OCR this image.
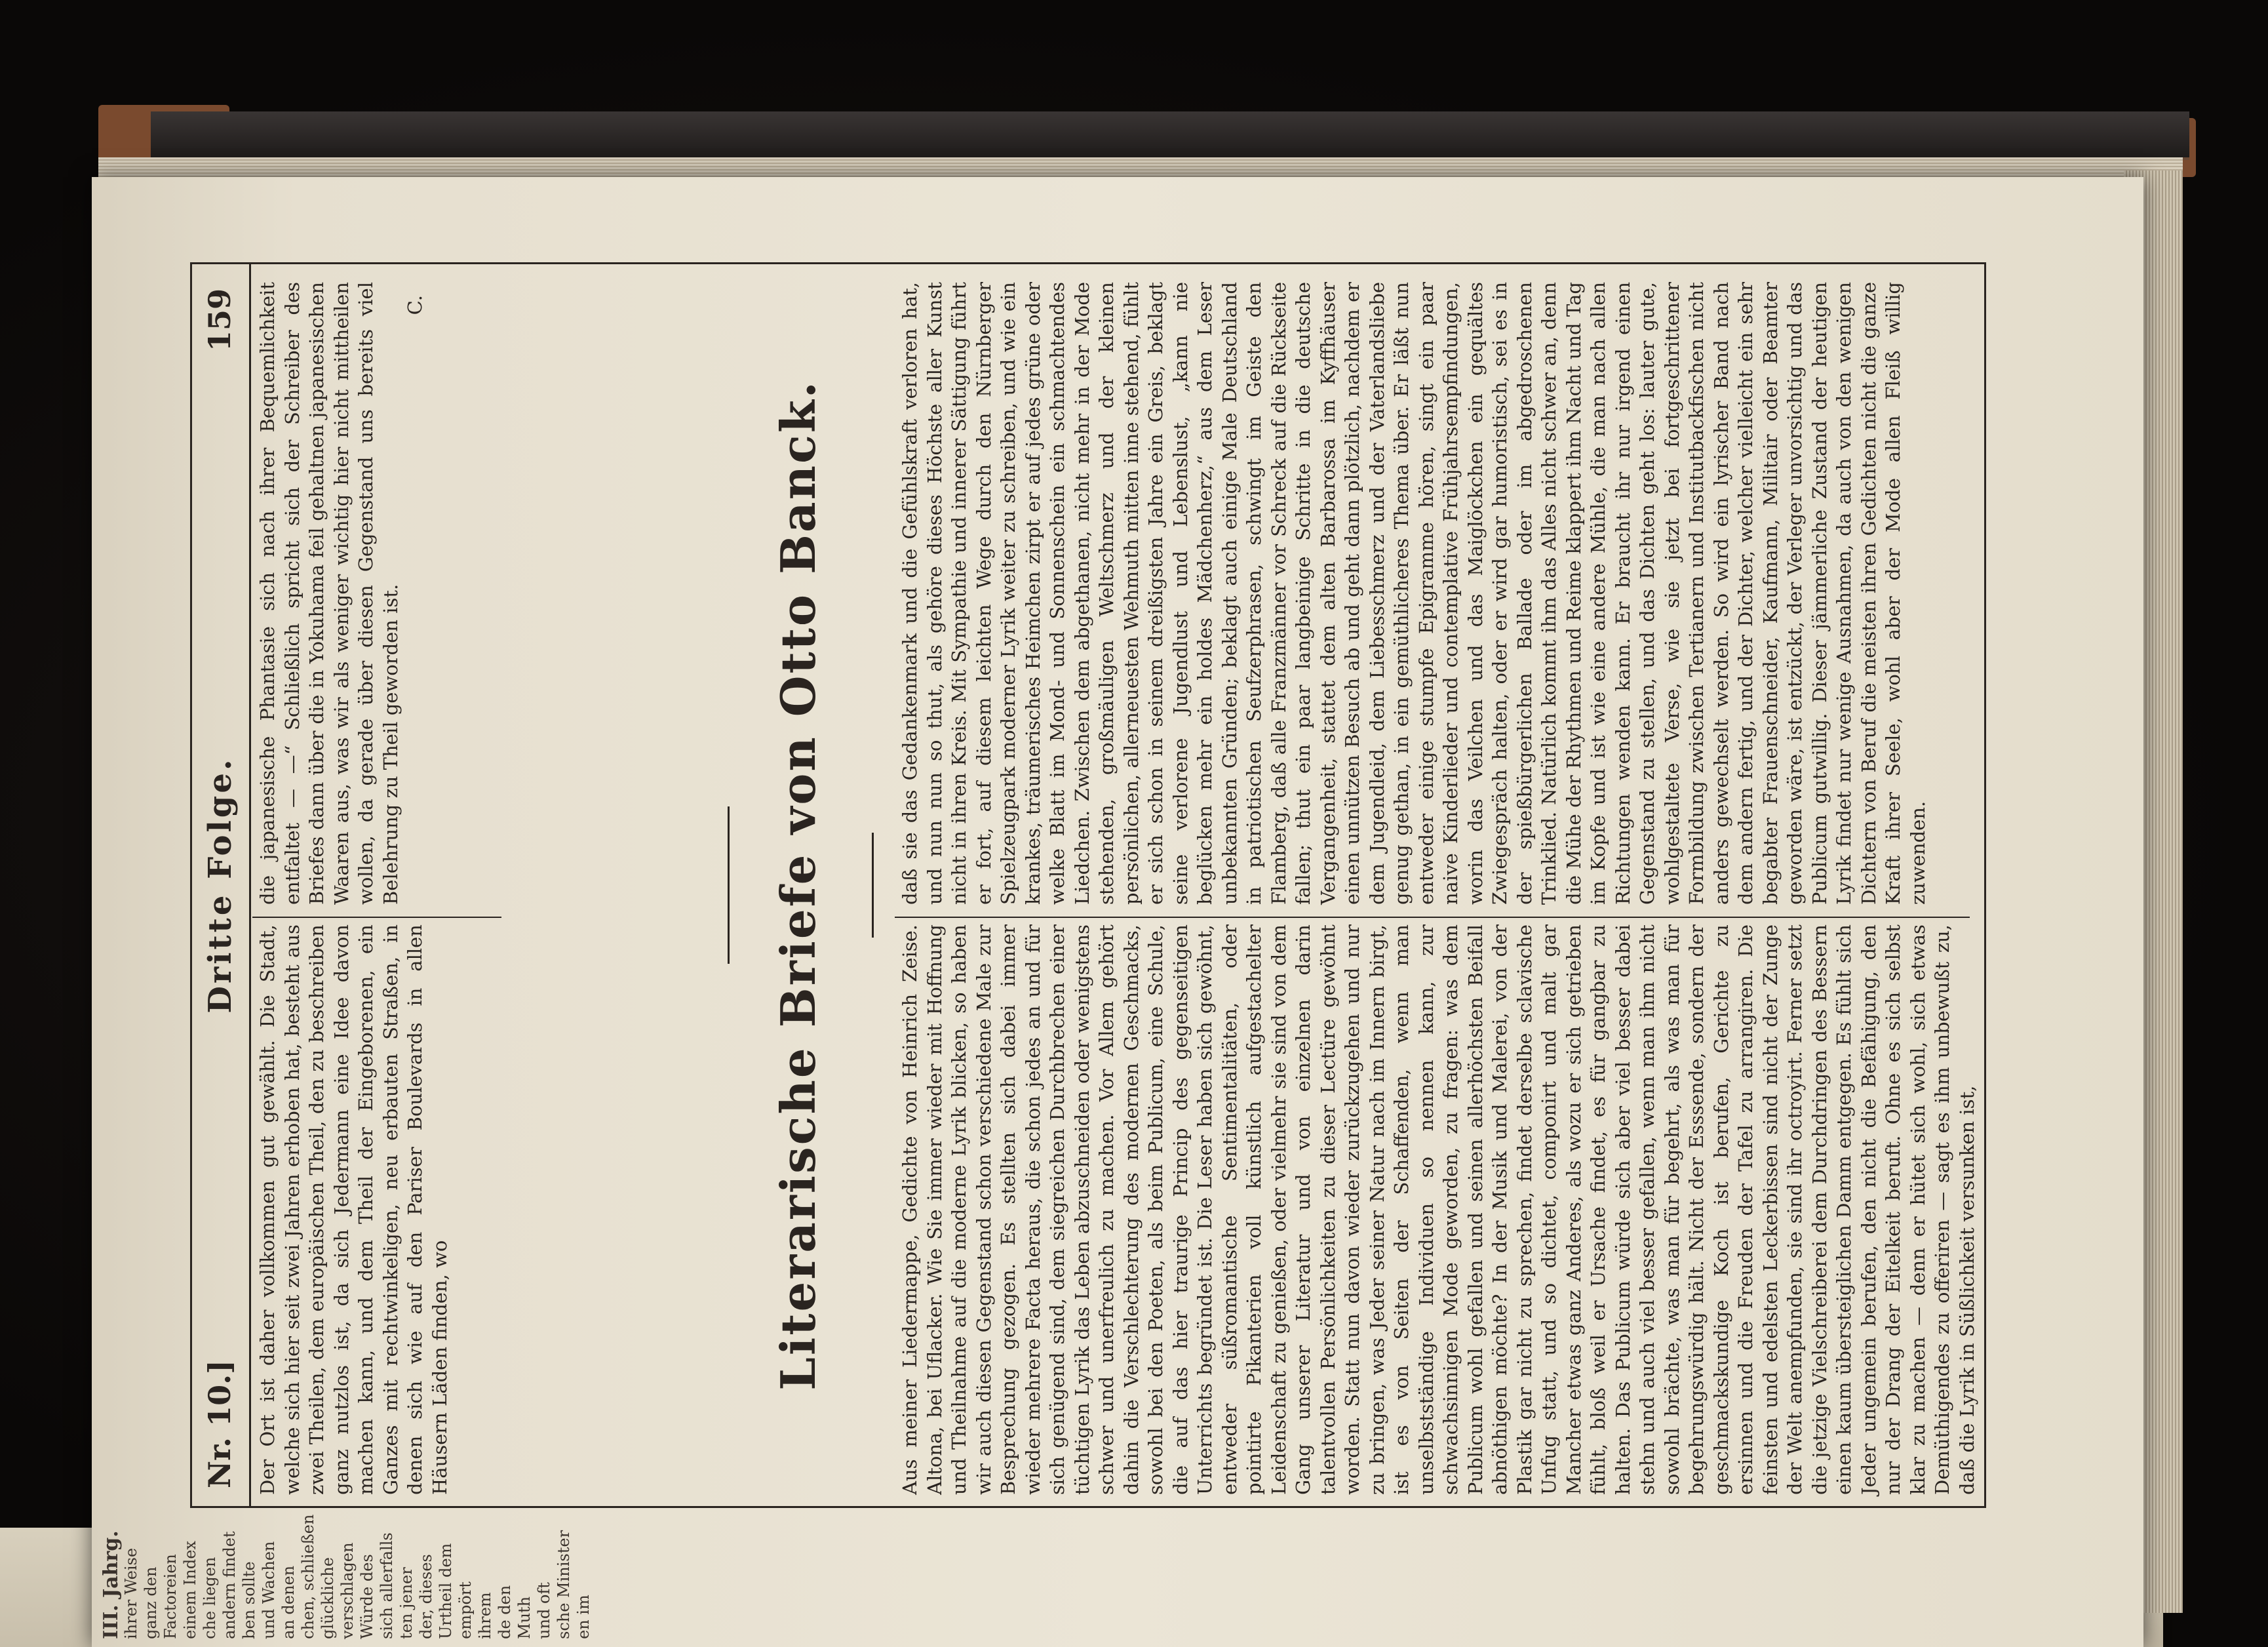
III. Jahrg. ihrer Weise ganz den Factoreien einem Index che liegen andern findet ben sollte und Wachen an denen chen, schließen glückliche verschlagen Würde des sich allerfalls ten jener der, dieses Urtheil dem empört ihrem de den Muth und oft sche Minister en im
Nr. 10.]
Dritte Folge.
159
Der Ort ist daher vollkommen gut gewählt. Die Stadt, welche sich hier seit zwei Jahren erhoben hat, besteht aus zwei Theilen, dem europäischen Theil, den zu beschreiben ganz nutzlos ist, da sich Jedermann eine Idee davon machen kann, und dem Theil der Eingeborenen, ein Ganzes mit rechtwinkeligen, neu erbauten Straßen, in denen sich wie auf den Pariser Boulevards in allen Häusern Läden finden, wo
die japanesische Phantasie sich nach ihrer Bequemlichkeit entfaltet — —“ Schließlich spricht sich der Schreiber des Briefes dann über die in Yokuhama feil gehaltnen japanesischen Waaren aus, was wir als weniger wichtig hier nicht mittheilen wollen, da gerade über diesen Gegenstand uns bereits viel Belehrung zu Theil geworden ist.
C.
Literarische Briefe von Otto Banck.	Aus meiner Liedermappe, Gedichte von Heinrich Zeise. Altona, bei Uflacker. Wie Sie immer wieder mit Hoffnung und Theilnahme auf die moderne Lyrik blicken, so haben wir auch diesen Gegenstand schon verschiedene Male zur Besprechung gezogen. Es stellten sich dabei immer wieder mehrere Facta heraus, die schon jedes an und für sich genügend sind, dem siegreichen Durchbrechen einer tüchtigen Lyrik das Leben abzuschneiden oder wenigstens schwer und unerfreulich zu machen. Vor Allem gehört dahin die Verschlechterung des modernen Geschmacks, sowohl bei den Poeten, als beim Publicum, eine Schule, die auf das hier traurige Princip des gegenseitigen Unterrichts begründet ist. Die Leser haben sich gewöhnt, entweder süßromantische Sentimentalitäten, oder pointirte Pikanterien voll künstlich aufgestachelter Leidenschaft zu genießen, oder vielmehr sie sind von dem Gang unserer Literatur und von einzelnen darin talentvollen Persönlichkeiten zu dieser Lectüre gewöhnt worden. Statt nun davon wieder zurückzugehen und nur zu bringen, was Jeder seiner Natur nach im Innern birgt, ist es von Seiten der Schaffenden, wenn man unselbstständige Individuen so nennen kann, zur schwachsinnigen Mode geworden, zu fragen: was dem Publicum wohl gefallen und seinen allerhöchsten Beifall abnöthigen möchte? In der Musik und Malerei, von der Plastik gar nicht zu sprechen, findet derselbe sclavische Unfug statt, und so dichtet, componirt und malt gar Mancher etwas ganz Anderes, als wozu er sich getrieben fühlt, bloß weil er Ursache findet, es für gangbar zu halten. Das Publicum würde sich aber viel besser dabei stehn und auch viel besser gefallen, wenn man ihm nicht sowohl brächte, was man für begehrt, als was man für begehrungswürdig hält. Nicht der Esssende, sondern der geschmackskundige Koch ist berufen, Gerichte zu ersinnen und die Freuden der Tafel zu arrangiren. Die feinsten und edelsten Leckerbissen sind nicht der Zunge der Welt anempfunden, sie sind ihr octroyirt. Ferner setzt die jetzige Vielschreiberei dem Durchdringen des Bessern einen kaum übersteiglichen Damm entgegen. Es fühlt sich Jeder ungemein berufen, den nicht die Befähigung, den nur der Drang der Eitelkeit beruft. Ohne es sich selbst klar zu machen — denn er hütet sich wohl, sich etwas Demüthigendes zu offeriren — sagt es ihm unbewußt zu, daß die Lyrik in Süßlichkeit versunken ist,
daß sie das Gedankenmark und die Gefühlskraft verloren hat, und nun nun so thut, als gehöre dieses Höchste aller Kunst nicht in ihren Kreis. Mit Sympathie und innerer Sättigung führt er fort, auf diesem leichten Wege durch den Nürnberger Spielzeugpark moderner Lyrik weiter zu schreiben, und wie ein krankes, träumerisches Heimchen zirpt er auf jedes grüne oder welke Blatt im Mond- und Sonnenschein ein schmachtendes Liedchen. Zwischen dem abgethanen, nicht mehr in der Mode stehenden, großmäuligen Weltschmerz und der kleinen persönlichen, allerneuesten Wehmuth mitten inne stehend, fühlt er sich schon in seinem dreißigsten Jahre ein Greis, beklagt seine verlorene Jugendlust und Lebenslust, „kann nie beglücken mehr ein holdes Mädchenherz,“ aus dem Leser unbekannten Gründen; beklagt auch einige Male Deutschland in patriotischen Seufzerphrasen, schwingt im Geiste den Flamberg, daß alle Franzmänner vor Schreck auf die Rückseite fallen; thut ein paar langbeinige Schritte in die deutsche Vergangenheit, stattet dem alten Barbarossa im Kyffhäuser einen unnützen Besuch ab und geht dann plötzlich, nachdem er dem Jugendleid, dem Liebesschmerz und der Vaterlandsliebe genug gethan, in ein gemüthlicheres Thema über. Er läßt nun entweder einige stumpfe Epigramme hören, singt ein paar naive Kinderlieder und contemplative Frühjahrsempfindungen, worin das Veilchen und das Maiglöckchen ein gequältes Zwiegespräch halten, oder er wird gar humoristisch, sei es in der spießbürgerlichen Ballade oder im abgedroschenen Trinklied. Natürlich kommt ihm das Alles nicht schwer an, denn die Mühe der Rhythmen und Reime klappert ihm Nacht und Tag im Kopfe und ist wie eine andere Mühle, die man nach allen Richtungen wenden kann. Er braucht ihr nur irgend einen Gegenstand zu stellen, und das Dichten geht los: lauter gute, wohlgestaltete Verse, wie sie jetzt bei fortgeschrittener Formbildung zwischen Tertianern und Institutbackfischen nicht anders gewechselt werden. So wird ein lyrischer Band nach dem andern fertig, und der Dichter, welcher vielleicht ein sehr begabter Frauenschneider, Kaufmann, Militair oder Beamter geworden wäre, ist entzückt, der Verleger unvorsichtig und das Publicum gutwillig. Dieser jämmerliche Zustand der heutigen Lyrik findet nur wenige Ausnahmen, da auch von den wenigen Dichtern von Beruf die meisten ihren Gedichten nicht die ganze Kraft ihrer Seele, wohl aber der Mode allen Fleiß willig zuwenden.
